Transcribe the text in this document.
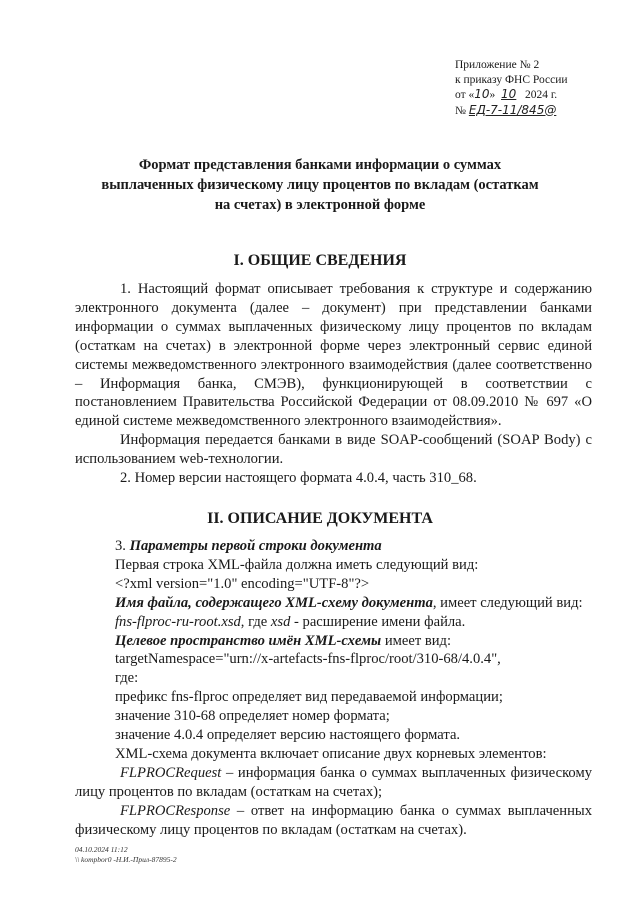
Приложение № 2
к приказу ФНС России
от «10» 10 2024 г.
№ ЕД-7-11/845@
Формат представления банками информации о суммах выплаченных физическому лицу процентов по вкладам (остаткам на счетах) в электронной форме
I. ОБЩИЕ СВЕДЕНИЯ
1. Настоящий формат описывает требования к структуре и содержанию электронного документа (далее – документ) при представлении банками информации о суммах выплаченных физическому лицу процентов по вкладам (остаткам на счетах) в электронной форме через электронный сервис единой системы межведомственного электронного взаимодействия (далее соответственно – Информация банка, СМЭВ), функционирующей в соответствии с постановлением Правительства Российской Федерации от 08.09.2010 № 697 «О единой системе межведомственного электронного взаимодействия».
Информация передается банками в виде SOAP-сообщений (SOAP Body) с использованием web-технологии.
2. Номер версии настоящего формата 4.0.4, часть 310_68.
II. ОПИСАНИЕ ДОКУМЕНТА
3. Параметры первой строки документа
Первая строка XML-файла должна иметь следующий вид:
<?xml version="1.0" encoding="UTF-8"?>
Имя файла, содержащего XML-схему документа, имеет следующий вид:
fns-flproc-ru-root.xsd, где xsd - расширение имени файла.
Целевое пространство имён XML-схемы имеет вид:
targetNamespace="urn://x-artefacts-fns-flproc/root/310-68/4.0.4",
где:
префикс fns-flproc определяет вид передаваемой информации;
значение 310-68 определяет номер формата;
значение 4.0.4 определяет версию настоящего формата.
XML-схема документа включает описание двух корневых элементов:
FLPROCRequest – информация банка о суммах выплаченных физическому лицу процентов по вкладам (остаткам на счетах);
FLPROCResponse – ответ на информацию банка о суммах выплаченных физическому лицу процентов по вкладам (остаткам на счетах).
04.10.2024 11:12
\\ kompbor0 -Н.И.-Прил-87895-2
